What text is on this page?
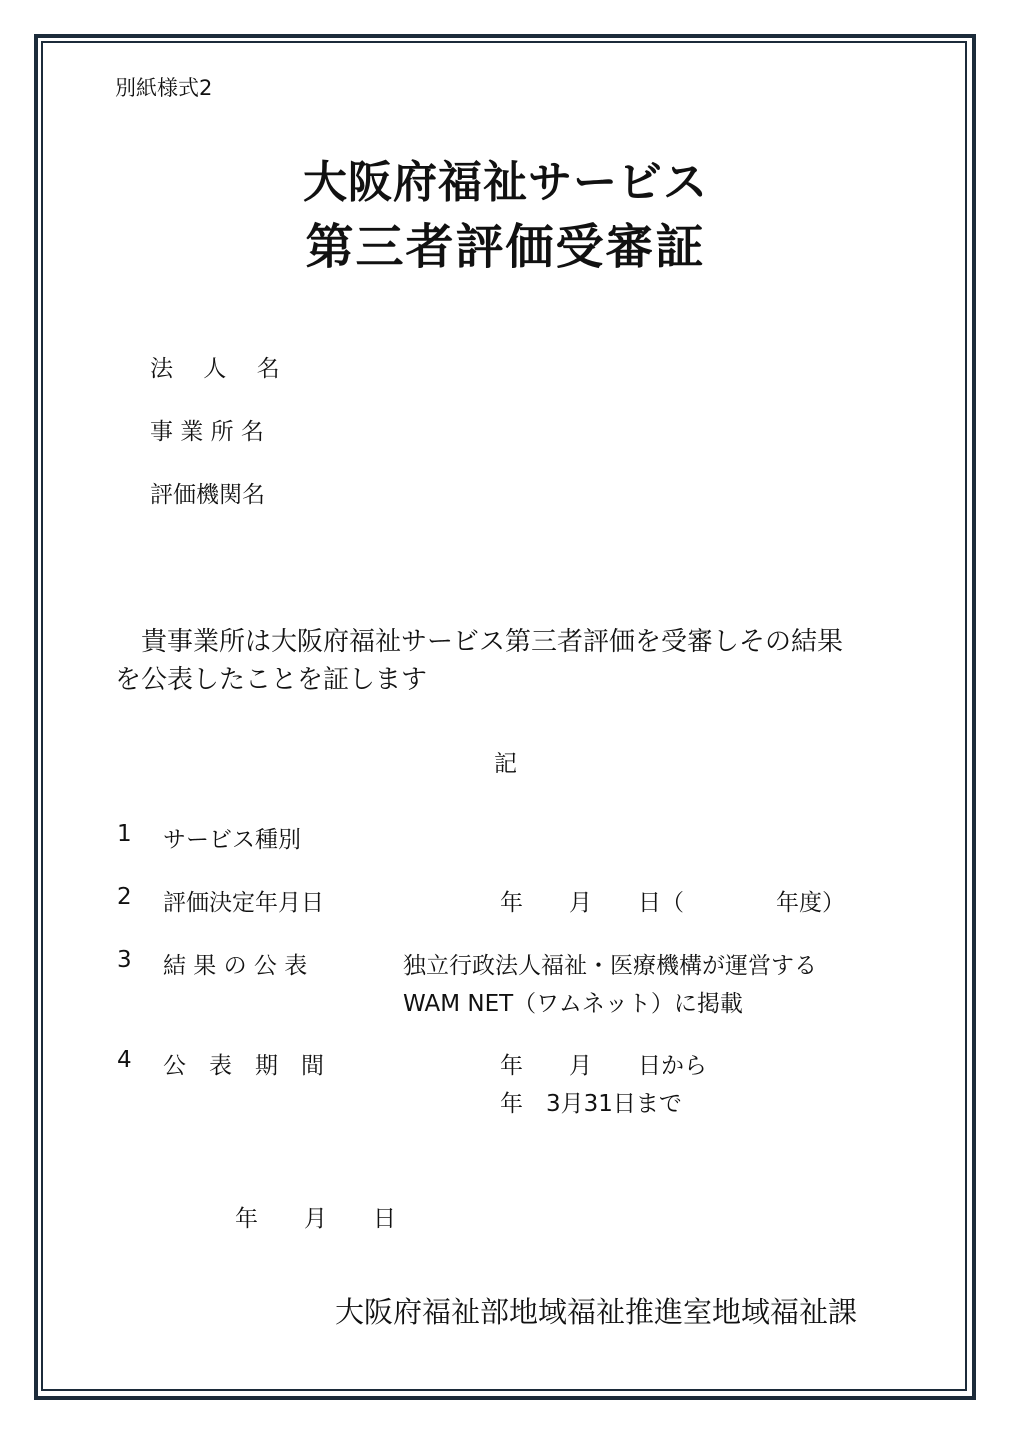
別紙様式2
大阪府福祉サービス
第三者評価受審証
法　 人　 名
事 業 所 名
評価機関名
　貴事業所は大阪府福祉サービス第三者評価を受審しその結果
を公表したことを証します
記
1 サービス種別
2 評価決定年月日	年　　月　　日（　　　　年度）
3 結 果 の 公 表	独立行政法人福祉・医療機構が運営する
WAM NET（ワムネット）に掲載
4 公　表　期　間	年　　月　　日から
年　3月31日まで
年　　月　　日
大阪府福祉部地域福祉推進室地域福祉課
